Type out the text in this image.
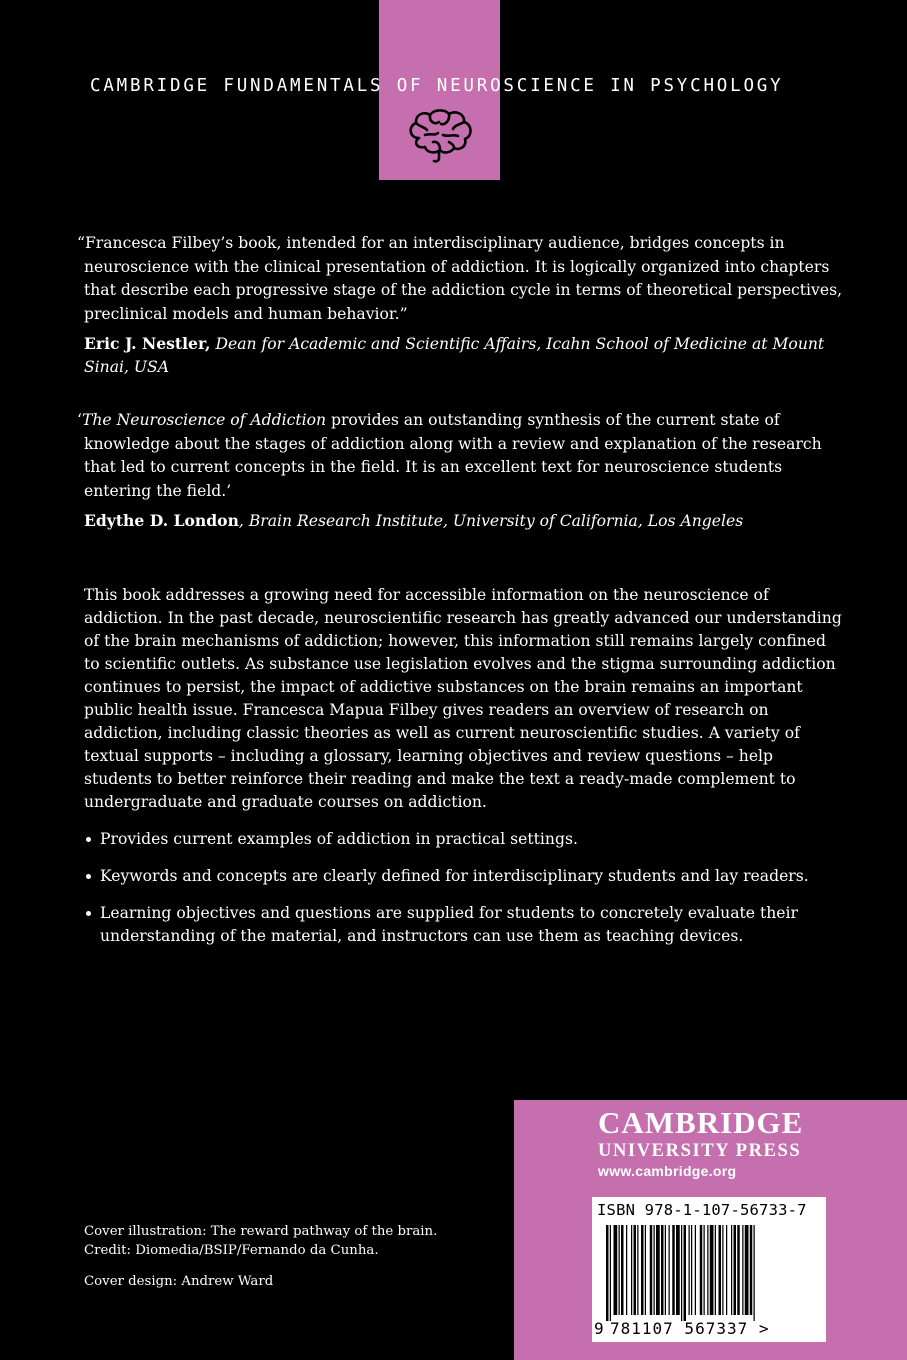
CAMBRIDGE FUNDAMENTALS OF NEUROSCIENCE IN PSYCHOLOGY

“Francesca Filbey’s book, intended for an interdisciplinary audience, bridges concepts in neuroscience with the clinical presentation of addiction. It is logically organized into chapters that describe each progressive stage of the addiction cycle in terms of theoretical perspectives, preclinical models and human behavior.”

Eric J. Nestler, Dean for Academic and Scientific Affairs, Icahn School of Medicine at Mount Sinai, USA

‘The Neuroscience of Addiction provides an outstanding synthesis of the current state of knowledge about the stages of addiction along with a review and explanation of the research that led to current concepts in the field. It is an excellent text for neuroscience students entering the field.’

Edythe D. London, Brain Research Institute, University of California, Los Angeles

This book addresses a growing need for accessible information on the neuroscience of addiction. In the past decade, neuroscientific research has greatly advanced our understanding of the brain mechanisms of addiction; however, this information still remains largely confined to scientific outlets. As substance use legislation evolves and the stigma surrounding addiction continues to persist, the impact of addictive substances on the brain remains an important public health issue. Francesca Mapua Filbey gives readers an overview of research on addiction, including classic theories as well as current neuroscientific studies. A variety of textual supports – including a glossary, learning objectives and review questions – help students to better reinforce their reading and make the text a ready-made complement to undergraduate and graduate courses on addiction.

Provides current examples of addiction in practical settings.
Keywords and concepts are clearly defined for interdisciplinary students and lay readers.
Learning objectives and questions are supplied for students to concretely evaluate their understanding of the material, and instructors can use them as teaching devices.

Cover illustration: The reward pathway of the brain.

Credit: Diomedia/BSIP/Fernando da Cunha.

Cover design: Andrew Ward

CAMBRIDGE
UNIVERSITY PRESS
www.cambridge.org
ISBN 978-1-107-56733-7
9 781107 567337 >
